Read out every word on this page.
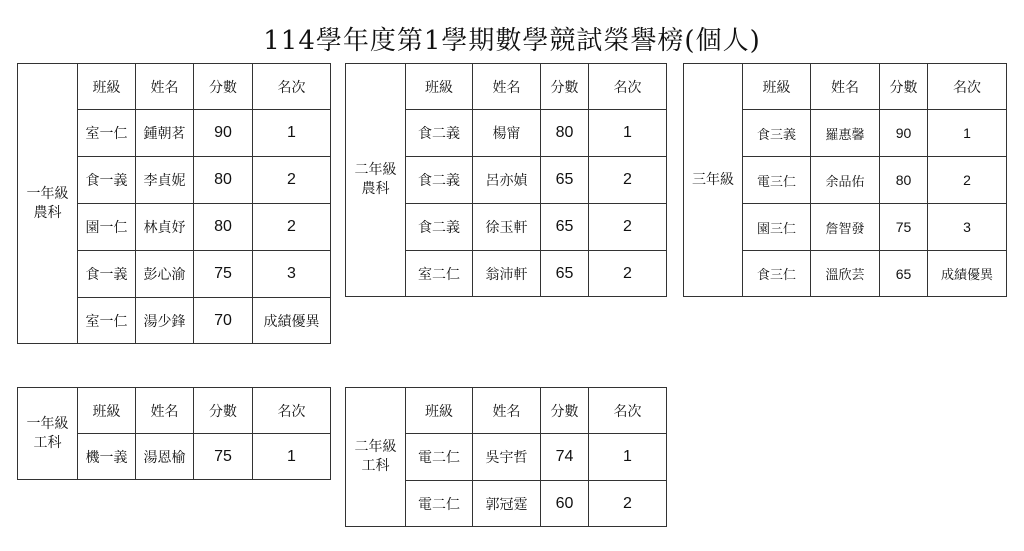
114學年度第1學期數學競試榮譽榜(個人)
一年級
農科	班級	姓名	分數	名次
	室一仁	鍾朝茗	90	1
	食一義	李貞妮	80	2
	園一仁	林貞妤	80	2
	食一義	彭心渝	75	3
	室一仁	湯少鋒	70	成績優異
二年級
農科	班級	姓名	分數	名次
	食二義	楊甯	80	1
	食二義	呂亦媜	65	2
	食二義	徐玉軒	65	2
	室二仁	翁沛軒	65	2
三年級	班級	姓名	分數	名次
	食三義	羅惠馨	90	1
	電三仁	余品佑	80	2
	園三仁	詹智發	75	3
	食三仁	溫欣芸	65	成績優異
一年級
工科	班級	姓名	分數	名次
	機一義	湯恩榆	75	1
二年級
工科	班級	姓名	分數	名次
	電二仁	吳宇哲	74	1
	電二仁	郭冠霆	60	2
